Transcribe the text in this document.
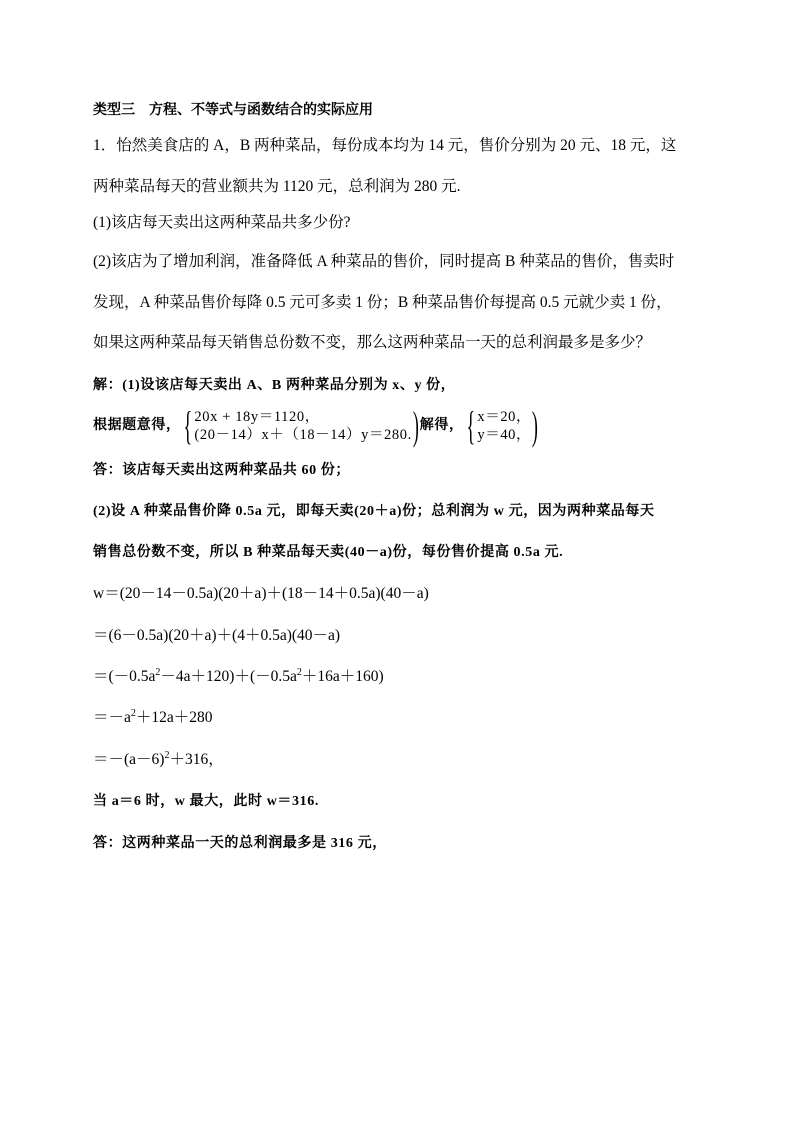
类型三　方程、不等式与函数结合的实际应用
1．怡然美食店的 A，B 两种菜品，每份成本均为 14 元，售价分别为 20 元、18 元，这
两种菜品每天的营业额共为 1120 元，总利润为 280 元.
(1)该店每天卖出这两种菜品共多少份?
(2)该店为了增加利润，准备降低 A 种菜品的售价，同时提高 B 种菜品的售价，售卖时
发现，A 种菜品售价每降 0.5 元可多卖 1 份；B 种菜品售价每提高 0.5 元就少卖 1 份，
如果这两种菜品每天销售总份数不变，那么这两种菜品一天的总利润最多是多少？
解：(1)设该店每天卖出 A、B 两种菜品分别为 x、y 份，
根据题意得，{ 20x + 18y＝1120，
(20－14）x＋（18－14）y＝280. )解得，{ x＝20，
y＝40， )
答：该店每天卖出这两种菜品共 60 份；
(2)设 A 种菜品售价降 0.5a 元，即每天卖(20＋a)份；总利润为 w 元，因为两种菜品每天
销售总份数不变，所以 B 种菜品每天卖(40－a)份，每份售价提高 0.5a 元.
w＝(20－14－0.5a)(20＋a)＋(18－14＋0.5a)(40－a)
＝(6－0.5a)(20＋a)＋(4＋0.5a)(40－a)
$=(-0.5a^2-4a+120)+(-0.5a^2+16a+160)$
$=-a^2+12a+280$
$=-(a-6)^2+316$，
当 a＝6 时，w 最大，此时 w＝316.
答：这两种菜品一天的总利润最多是 316 元，
